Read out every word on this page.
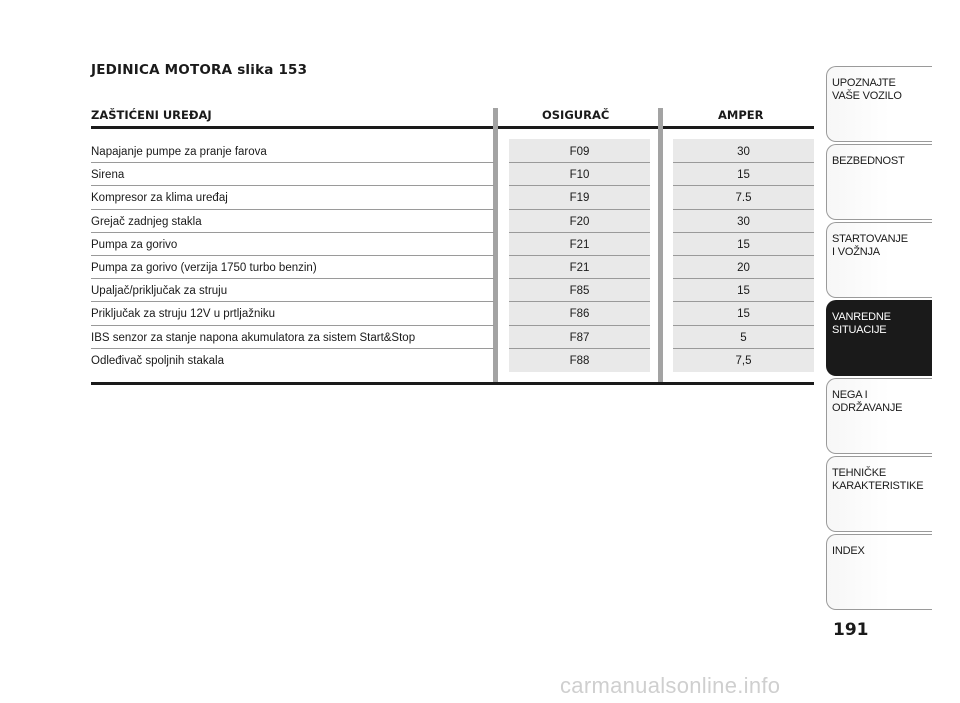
JEDINICA MOTORA slika 153
ZAŠTIĆENI UREĐAJ	OSIGURAČ	AMPER
Napajanje pumpe za pranje farova	F09	30
Sirena	F10	15
Kompresor za klima uređaj	F19	7.5
Grejač zadnjeg stakla	F20	30
Pumpa za gorivo	F21	15
Pumpa za gorivo (verzija 1750 turbo benzin)	F21	20
Upaljač/priključak za struju	F85	15
Priključak za struju 12V u prtljažniku	F86	15
IBS senzor za stanje napona akumulatora za sistem Start&Stop	F87	5
Odleđivač spoljnih stakala	F88	7,5
UPOZNAJTE
VAŠE VOZILO
BEZBEDNOST
STARTOVANJE
I VOŽNJA
VANREDNE
SITUACIJE
NEGA I
ODRŽAVANJE
TEHNIČKE
KARAKTERISTIKE
INDEX
191
carmanualsonline.info
